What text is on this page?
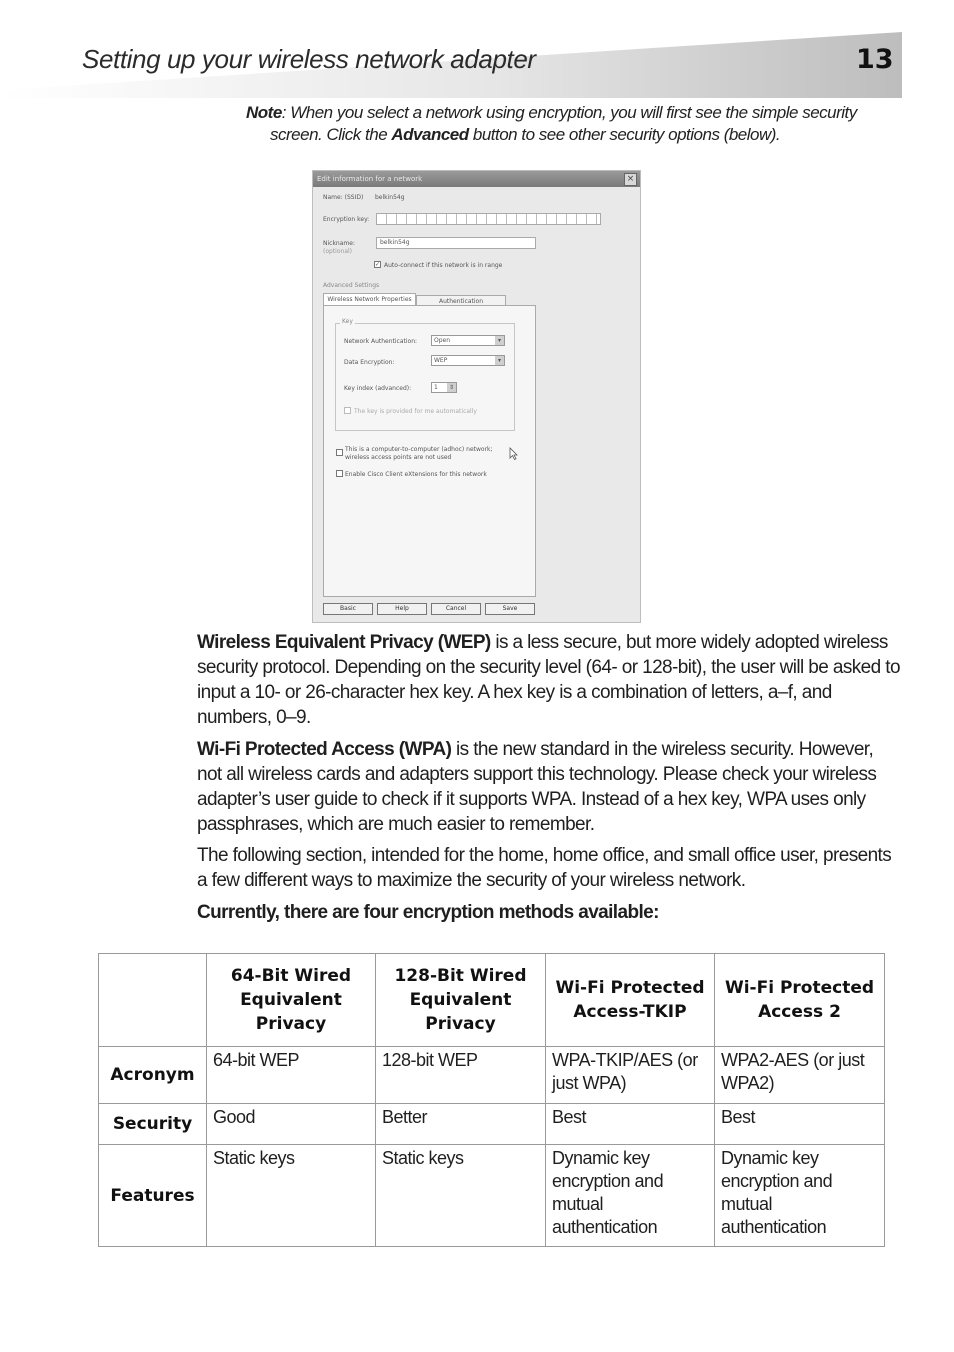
Setting up your wireless network adapter	13
Note: When you select a network using encryption, you will first see the simple security
screen. Click the Advanced button to see other security options (below).
Edit information for a network	×
Name: (SSID) belkin54g
Encryption key:
Nickname:
(optional)
belkin54g
✓ Auto-connect if this network is in range
Advanced Settings
Wireless Network Properties	Authentication
Key
Network Authentication:	Open	▾
Data Encryption:	WEP	▾
Key index (advanced):	1	⇕
The key is provided for me automatically
This is a computer-to-computer (adhoc) network;
wireless access points are not used
Enable Cisco Client eXtensions for this network
Basic	Help	Cancel	Save
Wireless Equivalent Privacy (WEP) is a less secure, but more widely adopted wireless security protocol. Depending on the security level (64- or 128-bit), the user will be asked to input a 10- or 26-character hex key. A hex key is a combination of letters, a–f, and numbers, 0–9.
Wi-Fi Protected Access (WPA) is the new standard in the wireless security. However, not all wireless cards and adapters support this technology. Please check your wireless adapter’s user guide to check if it supports WPA. Instead of a hex key, WPA uses only passphrases, which are much easier to remember.
The following section, intended for the home, home office, and small office user, presents a few different ways to maximize the security of your wireless network.
Currently, there are four encryption methods available:
	64-Bit Wired Equivalent Privacy	128-Bit Wired Equivalent Privacy	Wi-Fi Protected Access-TKIP	Wi-Fi Protected Access 2
Acronym	64-bit WEP	128-bit WEP	WPA-TKIP/AES (or just WPA)	WPA2-AES (or just WPA2)
Security	Good	Better	Best	Best
Features	Static keys	Static keys	Dynamic key encryption and mutual authentication	Dynamic key encryption and mutual authentication
